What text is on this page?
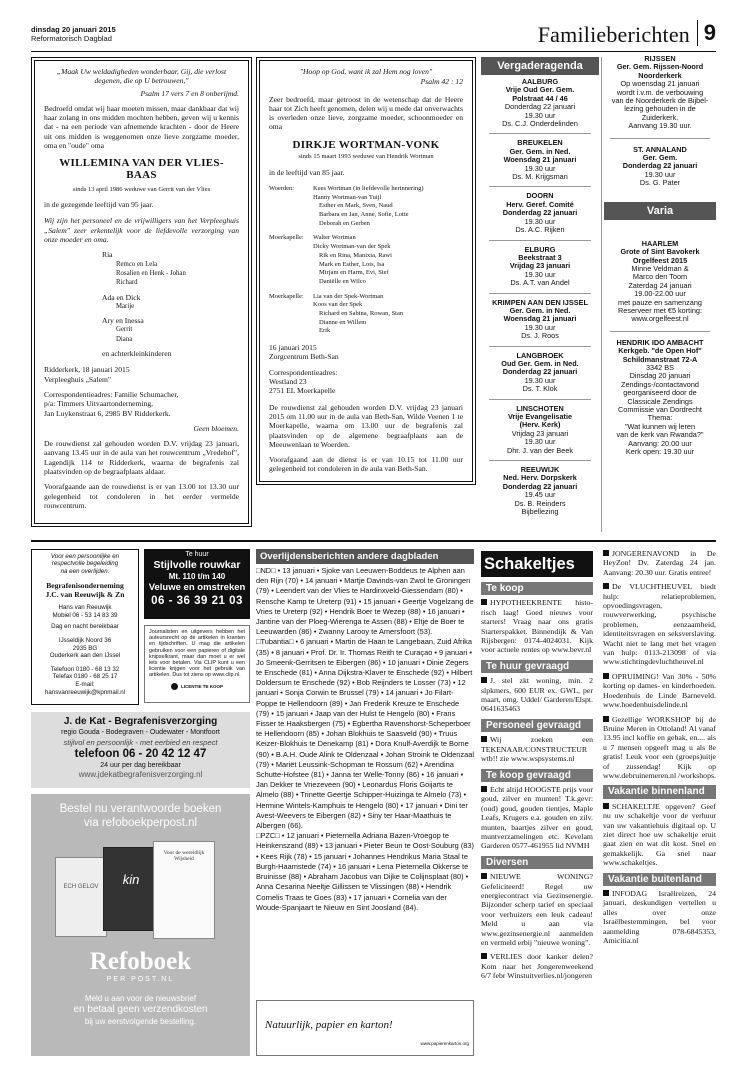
dinsdag 20 januari 2015
Reformatorisch Dagblad	Familieberichten 9
„Maak Uw weldadigheden wonderbaar, Gij, die verlost degenen, die op U betrouwen,"
Psalm 17 vers 7 en 8 onberijmd.
Bedroefd omdat wij haar moeten missen, maar dankbaar dat wij haar zolang in ons midden mochten hebben, geven wij u kennis dat - na een periode van afnemende krachten - door de Heere uit ons midden is weggenomen onze lieve zorgzame moeder, oma en "oude" oma
WILLEMINA VAN DER VLIES-BAAS
sinds 13 april 1986 weduwe van Gerrit van der Vlies
in de gezegende leeftijd van 95 jaar.
Wij zijn het personeel en de vrijwilligers van het Verpleeghuis „Salem" zeer erkentelijk voor de liefdevolle verzorging van onze moeder en oma.
Ria
Remco en Lela
Rosalien en Henk - Johan
Richard
Ada en Dick
Marije
Ary en Inessa
Gerrit
Diana
en achterkleinkinderen
Ridderkerk, 18 januari 2015
Verpleeghuis „Salem"
Correspondentieadres: Familie Schumacher,
p/a: Timmers Uitvaartonderneming,
Jan Luykenstraat 6, 2985 BV Ridderkerk.
Geen bloemen.
De rouwdienst zal gehouden worden D.V. vrijdag 23 januari, aanvang 13.45 uur in de aula van het rouwcentrum „Vredehof", Lagendijk 114 te Ridderkerk, waarna de begrafenis zal plaatsvinden op de begraafplaats aldaar.
Voorafgaande aan de rouwdienst is er van 13.00 tot 13.30 uur gelegenheid tot condoleren in het eerder vermelde rouwcentrum.
"Hoop op God, want ik zal Hem nog loven"
Psalm 42 : 12
Zeer bedroefd, maar getroost in de wetenschap dat de Heere haar tot Zich heeft genomen, delen wij u mede dat onverwachts is overleden onze lieve, zorgzame moeder, schoonmoeder en oma
DIRKJE WORTMAN-VONK
sinds 15 maart 1993 weduwe van Hendrik Wortman
in de leeftijd van 85 jaar.
Woerden:	Kees Wortman (in liefdevolle herinnering)
Hanny Wortman-van Tuijl
Esther en Mark, Sven, Naud
Barbara en Jan, Anne, Sofie, Lotte
Deborah en Gerben
Moerkapelle:	Walter Wortman
Dicky Wortman-van der Spek
Rik en Rina, Manixia, Rawi
Mark en Esther, Lois, Isa
Mirjam en Harm, Evi, Stef
Daniëlle en Wilco
Moerkapelle:	Lia van der Spek-Wortman
Koos van der Spek
Richard en Sabina, Rowan, Stan
Dianne en Willem
Erik
16 januari 2015
Zorgcentrum Beth-San
Correspondentieadres:
Westland 23
2751 EL Moerkapelle
De rouwdienst zal gehouden worden D.V. vrijdag 23 januari 2015 om 11.00 uur in de aula van Beth-San, Wilde Veenen 1 te Moerkapelle, waarna om 13.00 uur de begrafenis zal plaatsvinden op de algemene begraafplaats aan de Meeuwenlaan te Woerden.
Voorafgaand aan de dienst is er van 10.15 tot 11.00 uur gelegenheid tot condoleren in de aula van Beth-San.
Vergaderagenda
AALBURG
Vrije Oud Ger. Gem.
Polstraat 44 / 46
Donderdag 22 januari
19.30 uur
Ds. C.J. Onderdelinden
BREUKELEN
Ger. Gem. in Ned.
Woensdag 21 januari
19.30 uur
Ds. M. Krijgsman
DOORN
Herv. Geref. Comité
Donderdag 22 januari
19.30 uur
Ds. A.C. Rijken
ELBURG
Beekstraat 3
Vrijdag 23 januari
19.30 uur
Ds. A.T. van Andel
KRIMPEN AAN DEN IJSSEL
Ger. Gem. in Ned.
Woensdag 21 januari
19.30 uur
Ds. J. Roos
LANGBROEK
Oud Ger. Gem. in Ned.
Donderdag 22 januari
19.30 uur
Ds. T. Klok
LINSCHOTEN
Vrije Evangelisatie
(Herv. Kerk)
Vrijdag 23 januari
19.30 uur
Dhr. J. van der Beek
REEUWIJK
Ned. Herv. Dorpskerk
Donderdag 22 januari
19.45 uur
Ds. B. Reinders
Bijbellezing
RIJSSEN
Ger. Gem. Rijssen-Noord
Noorderkerk
Op woensdag 21 januari
wordt i.v.m. de verbouwing
van de Noorderkerk de Bijbel-
lezing gehouden in de
Zuiderkerk.
Aanvang 19.30 uur.
ST. ANNALAND
Ger. Gem.
Donderdag 22 januari
19.30 uur
Ds. G. Pater
Varia
HAARLEM
Grote of Sint Bavokerk
Orgelfeest 2015
Minne Veldman &
Marco den Toom
Zaterdag 24 januari
19.00-22.00 uur
met pauze en samenzang
Reserveer met €5 korting:
www.orgelfeest.nl
HENDRIK IDO AMBACHT
Kerkgeb. "de Open Hof"
Schildmanstraat 72-A
3342 BS
Dinsdag 20 januari
Zendings-/contactavond
georganiseerd door de
Classicale Zendings
Commissie van Dordrecht
Thema:
"Wat kunnen wij leren
van de kerk van Rwanda?"
Aanvang: 20.00 uur
Kerk open: 19.30 uur
Voor een persoonlijke en
respectvolle begeleiding
na een overlijden.
Begrafenisonderneming
J.C. van Reeuwijk & Zn
Hans van Reeuwijk
Mobiel 06 - 53 14 83 39
Dag en nacht bereikbaar
IJsseldijk Noord 36
2935 BG
Ouderkerk aan den IJssel
Telefoon 0180 - 68 13 32
Telefax 0180 - 68 25 17
E-mail:
hansvanreeuwijk@kpnmail.nl
Te huur
Stijlvolle rouwkar
Mt. 110 t/m 140
Veluwe en omstreken
06 - 36 39 21 03
Journalisten en uitgevers hebben het auteursrecht op de artikelen in kranten en tijdschriften. U mag die artikelen gebruiken voor een papieren of digitale knipselkrant, maar dan moet u er wel iets voor betalen. Via CLIP kunt u een licentie krijgen voor het gebruik van artikelen. Dus tot ziens op www.clip.nl.
LICENTIE TE KOOP
J. de Kat - Begrafenisverzorging
regio Gouda - Bodegraven - Oudewater - Montfoort
stijlvol en persoonlijk - met eerbied en respect
telefoon 06 - 20 42 12 47
24 uur per dag bereikbaar
www.jdekatbegrafenisverzorging.nl
Bestel nu verantwoorde boeken
via refoboekperpost.nl
ECH GELOV	kin
Voor de wereldlijk Wijsheid
Refoboek
PER POST.NL
Meld u aan voor de nieuwsbrief
en betaal geen verzendkosten
bij uw eerstvolgende bestelling.
Overlijdensberichten andere dagbladen

□ND□ • 13 januari • Sjoke van Leeuwen-Boddeus te Alphen aan den Rijn (70) • 14 januari • Martje Davinds-van Zwol te Groningen (79) • Leendert van der Vlies te Hardinxveld-Giessendam (80) • Rensche Kamp te Ureterp (91) • 15 januari • Geertje Vogelzang de Vries te Ureterp (92) • Hendrik Boer te Wezep (88) • 16 januari • Jantine van der Ploeg-Wierenga te Assen (88) • Eltje de Boer te Leeuwarden (86) • Zwanny Larooy te Amersfoort (53).

□Tubantia□ • 6 januari • Martin de Haan te Langebaan, Zuid Afrika (35) • 8 januari • Prof. Dr. Ir. Thomas Reith te Curaçao • 9 januari • Jo Smeenk-Gerritsen te Eibergen (86) • 10 januari • Dinie Zegers te Enschede (81) • Anna Dijkstra-Klaver te Enschede (92) • Hilbert Doldersum te Enschede (92) • Bob Reijnders te Losser (73) • 12 januari • Sonja Corwin te Brussel (79) • 14 januari • Jo Filart-Poppe te Hellendoorn (89) • Jan Frederik Kreuze te Enschede (79) • 15 januari • Jaap van der Hulst te Hengelo (80) • Frans Fisser te Haaksbergen (75) • Egbertha Ravenshorst-Scheperboer te Hellendoorn (85) • Johan Blokhuis te Saasveld (90) • Truus Keizer-Blokhuis te Denekamp (81) • Dora Knulf-Averdijk te Borne (90) • B.A.H. Oude Alink te Oldenzaal • Johan Stroink te Oldenzaal (79) • Mariët Leussink-Schopman te Rossum (62) • Arendina Schutte-Hofstee (81) • Janna ter Welle-Tonny (86) • 16 januari • Jan Dekker te Vriezeveen (90) • Leonardus Floris Goijarts te Almelo (88) • Trinette Geertje Schipper-Huizinga te Almelo (73) • Hermine Wintels-Kamphuis te Hengelo (80) • 17 januari • Dini ter Avest-Weevers te Eibergen (82) • Siny ter Haar-Maathuis te Albergen (66).

□PZC□ • 12 januari • Pieternella Adriana Bazen-Vroegop te Heinkenszand (89) • 13 januari • Pieter Beun te Oost-Souburg (83) • Kees Rijk (78) • 15 januari • Johannes Hendrikus Maria Staal te Burgh-Haamstede (74) • 16 januari • Lena Pieternella Okkerse te Bruinisse (88) • Abraham Jacobus van Dijke te Colijnsplaat (80) • Anna Cesarina Neeltje Gillissen te Vlissingen (88) • Hendrik Cornelis Traas te Goes (83) • 17 januari • Cornelia van der Woude-Spanjaart te Nieuw en Sint Joosland (84).

Natuurlijk, papier en karton!
www.papierenkarton.org
Schakeltjes
Te koop
HYPOTHEEKRENTE histo-risch laag! Goed nieuws voor starters! Vraag naar ons gratis Starterspakket. Binnendijk & Van Rijsbergen: 0174-4024031. Kijk voor actuele rentes op www.bevr.nl
Te huur gevraagd
J. stel zkt woning, min. 2 slpkmers, 600 EUR ex. GWL, per maart, omg. Uddel/ Garderen/Elspt. 0641635463
Personeel gevraagd
Wij zoeken een TEKENAAR/CONSTRUCTEUR wtb!! zie www.wspsystems.nl
Te koop gevraagd
Echt altijd HOOGSTE prijs voor goud, zilver en munten! T.k.gevr: (oud) goud, gouden tientjes, Maple Leafs, Krugers e.a. gouden en zilv. munten, baartjes zilver en goud, muntverzamelingen etc. Kevelam Garderen 0577-461955 lid NVMH
Diversen
NIEUWE WONING? Gefeliciteerd! Regel uw energiecontract via Gezinsenergie. Bijzonder scherp tarief en speciaal voor verhuizers een leuk cadeau! Meld u aan via www.gezinsenergie.nl aanmelden en vermeld erbij "nieuwe woning".
VERLIES door kanker delen? Kom naar het Jongerenweekend 6/7 febr Winstuitverlies.nl/jongeren
JONGERENAVOND in De HeyZon! Dv. Zaterdag 24 jan. Aanvang: 20.30 uur. Gratis entree!
De VLUCHTHEUVEL biedt hulp: relatieproblemen, opvoedingsvragen, rouwverwerking, psychische problemen, eenzaamheid, identiteitsvragen en seksverslaving. Wacht niet te lang met het vragen van hulp: 0113-213098 of via www.stichtingdevluchtheuvel.nl
OPRUIMING! Van 30% - 50% korting op dames- en kinderhoeden. Hoedenhuis de Linde Barneveld. www.hoedenhuisdelinde.nl
Gezellige WORKSHOP bij de Bruine Meren in Ottoland! Al vanaf 13.95 incl koffie en gebak, en.... als u 7 mensen opgeeft mag u als 8e gratis! Leuk voor een (groeps)uitje of zussendag! Kijk op www.debruinemeren.nl /workshops.
Vakantie binnenland
SCHAKELTJE opgeven? Geef nu uw schakeltje voor de verhuur van uw vakantiehuis digitaal op. U ziet direct hoe uw schakeltje eruit gaat zien en wat dit kost. Snel en gemakkelijk. Ga snel naar www.schakeltjes.
Vakantie buitenland
INFODAG Israëlreizen, 24 januari, deskundigen vertellen u alles over onze Israëlbestemmingen, bel voor aanmelding 078-6845353, Amicitia.nl
